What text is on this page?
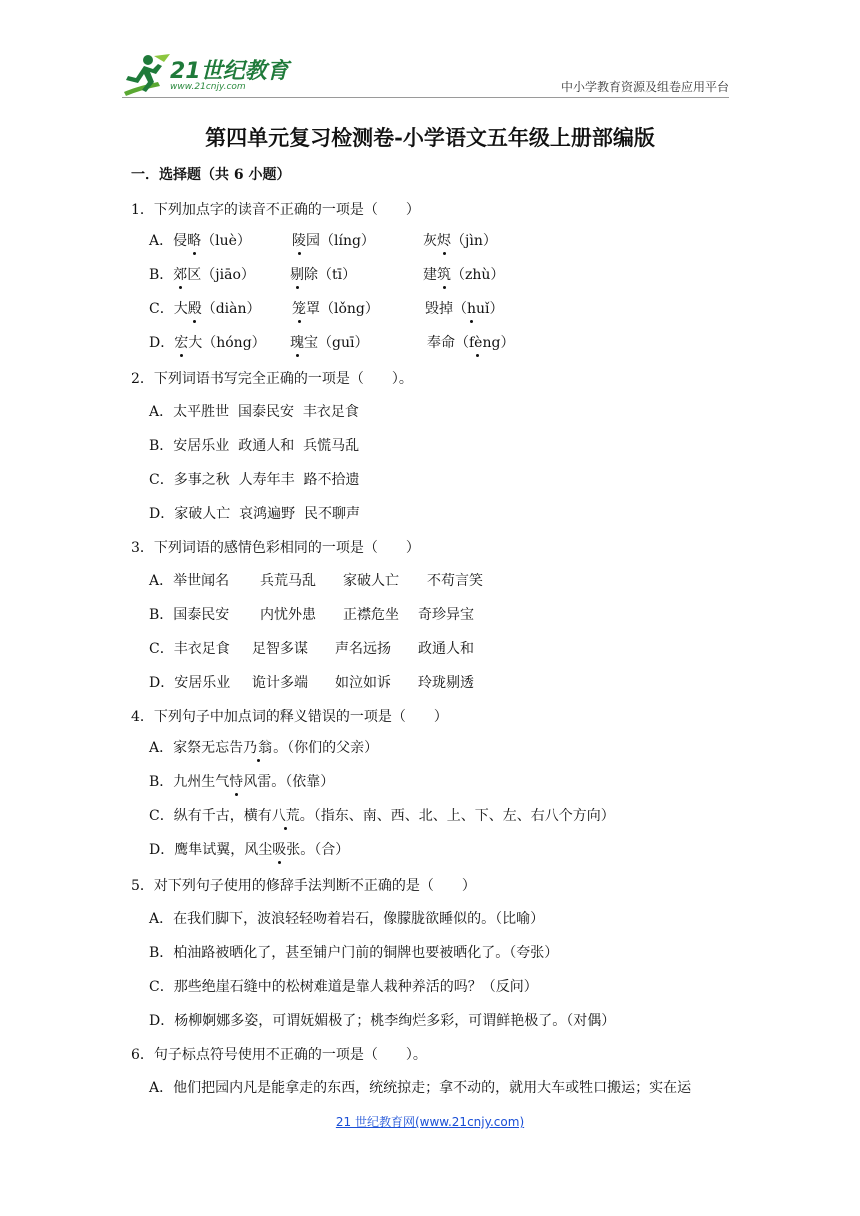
21世纪教育
www.21cnjy.com	中小学教育资源及组卷应用平台
第四单元复习检测卷-小学语文五年级上册部编版
一．选择题（共 6 小题）
1．下列加点字的读音不正确的一项是（　　）
A．侵略（luè）	陵园（líng）	灰烬（jìn）
B．郊区（jiāo）	剔除（tī）	建筑（zhù）
C．大殿（diàn） 笼罩（lǒng）	毁掉（huǐ）
D．宏大（hóng） 瑰宝（guī）	奉命（fèng）
2．下列词语书写完全正确的一项是（　　）。
A．太平胜世  国泰民安  丰衣足食
B．安居乐业  政通人和  兵慌马乱
C．多事之秋  人寿年丰  路不拾遗
D．家破人亡  哀鸿遍野  民不聊声
3．下列词语的感情色彩相同的一项是（　　）
A．举世闻名 兵荒马乱 家破人亡 不苟言笑
B．国泰民安 内忧外患 正襟危坐 奇珍异宝
C．丰衣足食 足智多谋 声名远扬 政通人和
D．安居乐业 诡计多端 如泣如诉 玲珑剔透
4．下列句子中加点词的释义错误的一项是（　　）
A．家祭无忘告乃翁。（你们的父亲）
B．九州生气恃风雷。（依靠）
C．纵有千古，横有八荒。（指东、南、西、北、上、下、左、右八个方向）
D．鹰隼试翼，风尘吸张。（合）
5．对下列句子使用的修辞手法判断不正确的是（　　）
A．在我们脚下，波浪轻轻吻着岩石，像朦胧欲睡似的。（比喻）
B．柏油路被晒化了，甚至铺户门前的铜牌也要被晒化了。（夸张）
C．那些绝崖石缝中的松树难道是靠人栽种养活的吗？（反问）
D．杨柳婀娜多姿，可谓妩媚极了；桃李绚烂多彩，可谓鲜艳极了。（对偶）
6．句子标点符号使用不正确的一项是（　　）。
A．他们把园内凡是能拿走的东西，统统掠走；拿不动的，就用大车或牲口搬运；实在运
21 世纪教育网(www.21cnjy.com)
